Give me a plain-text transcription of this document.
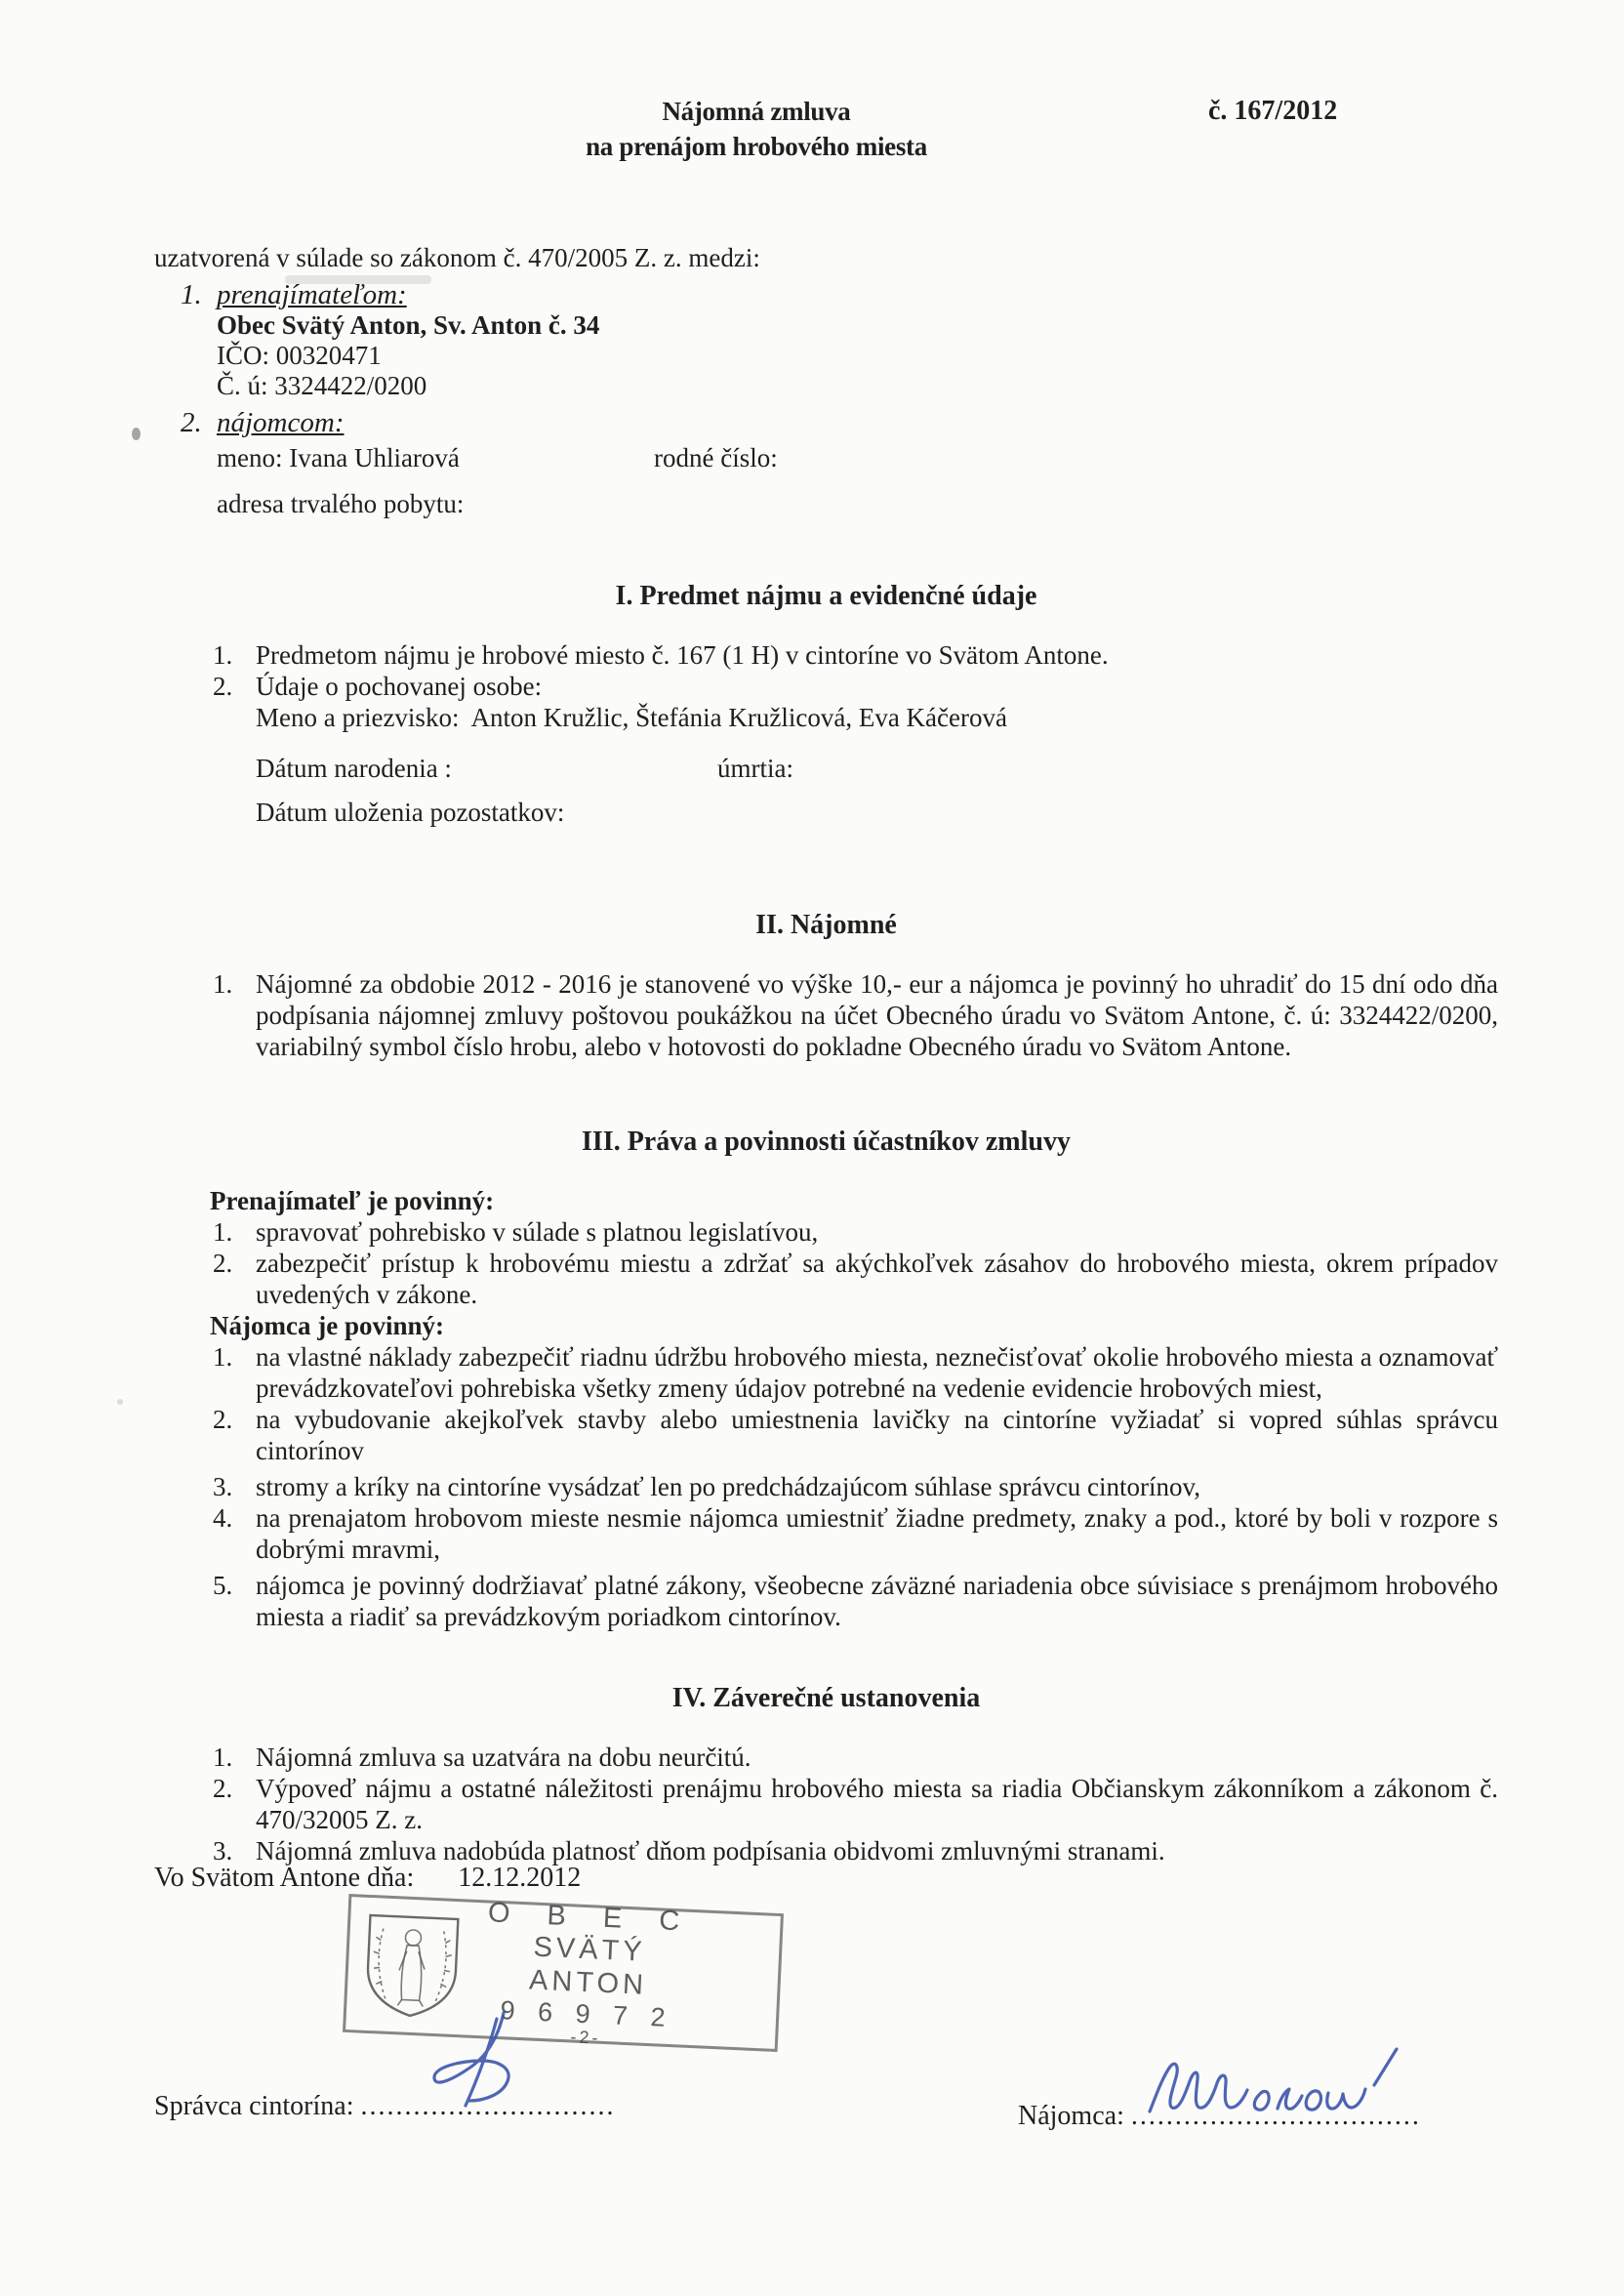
Nájomná zmluva
na prenájom hrobového miesta
č. 167/2012

uzatvorená v súlade so zákonom č. 470/2005 Z. z. medzi:

1. prenajímateľom:
Obec Svätý Anton, Sv. Anton č. 34
IČO: 00320471
Č. ú: 3324422/0200
2. nájomcom:
meno: Ivana Uhliarová	rodné číslo:
adresa trvalého pobytu:
I. Predmet nájmu a evidenčné údaje
1. Predmetom nájmu je hrobové miesto č. 167 (1 H) v cintoríne vo Svätom Antone.
2. Údaje o pochovanej osobe:
Meno a priezvisko:  Anton Kružlic, Štefánia Kružlicová, Eva Káčerová
Dátum narodenia :	úmrtia:
Dátum uloženia pozostatkov:
II. Nájomné
1. Nájomné za obdobie 2012 - 2016 je stanovené vo výške 10,- eur a nájomca je povinný ho uhradiť do 15 dní odo dňa podpísania nájomnej zmluvy poštovou poukážkou na účet Obecného úradu vo Svätom Antone, č. ú: 3324422/0200, variabilný symbol číslo hrobu, alebo v hotovosti do pokladne Obecného úradu vo Svätom Antone.
III. Práva a povinnosti účastníkov zmluvy
Prenajímateľ je povinný:
1. spravovať pohrebisko v súlade s platnou legislatívou,
2. zabezpečiť prístup k hrobovému miestu a zdržať sa akýchkoľvek zásahov do hrobového miesta, okrem prípadov uvedených v zákone.
Nájomca je povinný:
1. na vlastné náklady zabezpečiť riadnu údržbu hrobového miesta, neznečisťovať okolie hrobového miesta a oznamovať prevádzkovateľovi pohrebiska všetky zmeny údajov potrebné na vedenie evidencie hrobových miest,
2. na vybudovanie akejkoľvek stavby alebo umiestnenia lavičky na cintoríne vyžiadať si vopred súhlas správcu cintorínov
3. stromy a kríky na cintoríne vysádzať len po predchádzajúcom súhlase správcu cintorínov,
4. na prenajatom hrobovom mieste nesmie nájomca umiestniť žiadne predmety, znaky a pod., ktoré by boli v rozpore s dobrými mravmi,
5. nájomca je povinný dodržiavať platné zákony, všeobecne záväzné nariadenia obce súvisiace s prenájmom hrobového miesta a riadiť sa prevádzkovým poriadkom cintorínov.
IV. Záverečné ustanovenia
1. Nájomná zmluva sa uzatvára na dobu neurčitú.
2. Výpoveď nájmu a ostatné náležitosti prenájmu hrobového miesta sa riadia Občianskym zákonníkom a zákonom č. 470/32005 Z. z.
3. Nájomná zmluva nadobúda platnosť dňom podpísania obidvomi zmluvnými stranami.
Vo Svätom Antone dňa: 12.12.2012
O B E C
SVÄTÝ ANTON
9 6 9 7 2
-2-
Správca cintorína: .............................	Nájomca: .................................
